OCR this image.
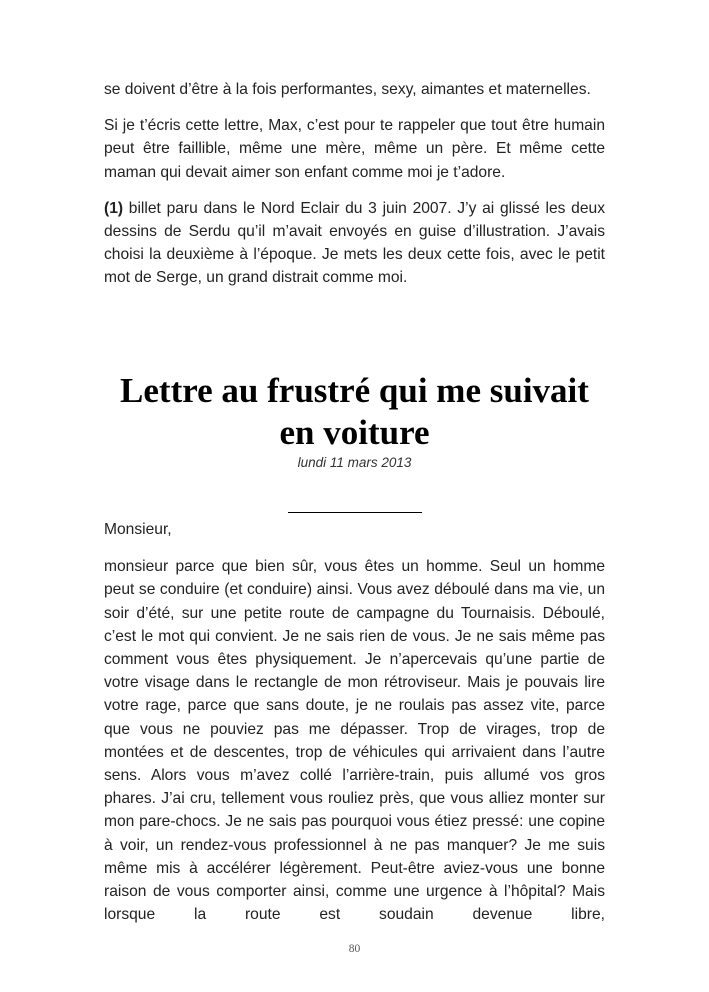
se doivent d’être à la fois performantes, sexy, aimantes et maternelles.

Si je t’écris cette lettre, Max, c’est pour te rappeler que tout être humain peut être faillible, même une mère, même un père. Et même cette maman qui devait aimer son enfant comme moi je t’adore.

(1) billet paru dans le Nord Eclair du 3 juin 2007. J’y ai glissé les deux dessins de Serdu qu’il m’avait envoyés en guise d’illustration. J’avais choisi la deuxième à l’époque. Je mets les deux cette fois, avec le petit mot de Serge, un grand distrait comme moi.

Lettre au frustré qui me suivait
en voiture
lundi 11 mars 2013

Monsieur,

monsieur parce que bien sûr, vous êtes un homme. Seul un homme peut se conduire (et conduire) ainsi. Vous avez déboulé dans ma vie, un soir d’été, sur une petite route de campagne du Tournaisis. Déboulé, c’est le mot qui convient. Je ne sais rien de vous. Je ne sais même pas comment vous êtes physiquement. Je n’apercevais qu’une partie de votre visage dans le rectangle de mon rétroviseur. Mais je pouvais lire votre rage, parce que sans doute, je ne roulais pas assez vite, parce que vous ne pouviez pas me dépasser. Trop de virages, trop de montées et de descentes, trop de véhicules qui arrivaient dans l’autre sens. Alors vous m’avez collé l’arrière-train, puis allumé vos gros phares. J’ai cru, tellement vous rouliez près, que vous alliez monter sur mon pare-chocs. Je ne sais pas pourquoi vous étiez pressé: une copine à voir, un rendez-vous professionnel à ne pas manquer? Je me suis même mis à accélérer légèrement. Peut-être aviez-vous une bonne raison de vous comporter ainsi, comme une urgence à l’hôpital? Mais lorsque la route est soudain devenue libre,

80
